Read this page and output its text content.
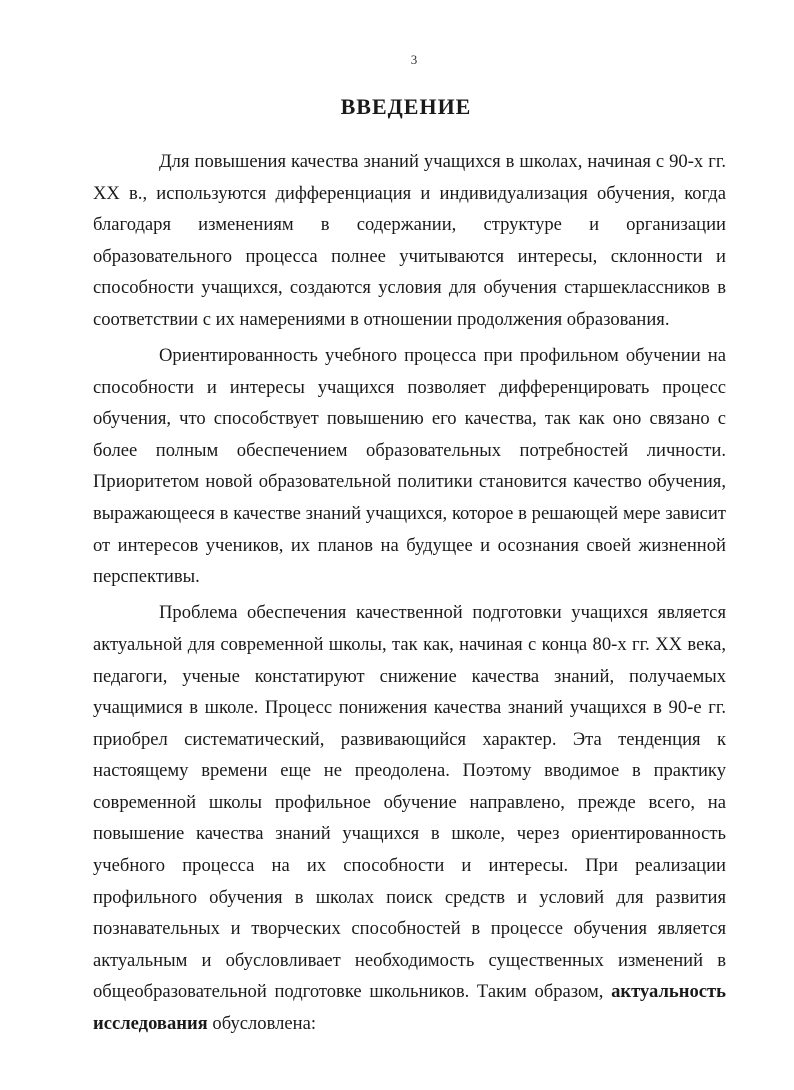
3
ВВЕДЕНИЕ

Для повышения качества знаний учащихся в школах, начиная с 90-х гг. XX в., используются дифференциация и индивидуализация обучения, когда благодаря изменениям в содержании, структуре и организации образовательного процесса полнее учитываются интересы, склонности и способности учащихся, создаются условия для обучения старшеклассников в соответствии с их намерениями в отношении продолжения образования.

Ориентированность учебного процесса при профильном обучении на способности и интересы учащихся позволяет дифференцировать процесс обучения, что способствует повышению его качества, так как оно связано с более полным обеспечением образовательных потребностей личности. Приоритетом новой образовательной политики становится качество обучения, выражающееся в качестве знаний учащихся, которое в решающей мере зависит от интересов учеников, их планов на будущее и осознания своей жизненной перспективы.

Проблема обеспечения качественной подготовки учащихся является актуальной для современной школы, так как, начиная с конца 80-х гг. XX века, педагоги, ученые констатируют снижение качества знаний, получаемых учащимися в школе. Процесс понижения качества знаний учащихся в 90-е гг. приобрел систематический, развивающийся характер. Эта тенденция к настоящему времени еще не преодолена. Поэтому вводимое в практику современной школы профильное обучение направлено, прежде всего, на повышение качества знаний учащихся в школе, через ориентированность учебного процесса на их способности и интересы. При реализации профильного обучения в школах поиск средств и условий для развития познавательных и творческих способностей в процессе обучения является актуальным и обусловливает необходимость существенных изменений в общеобразовательной подготовке школьников. Таким образом, актуальность исследования обусловлена:
